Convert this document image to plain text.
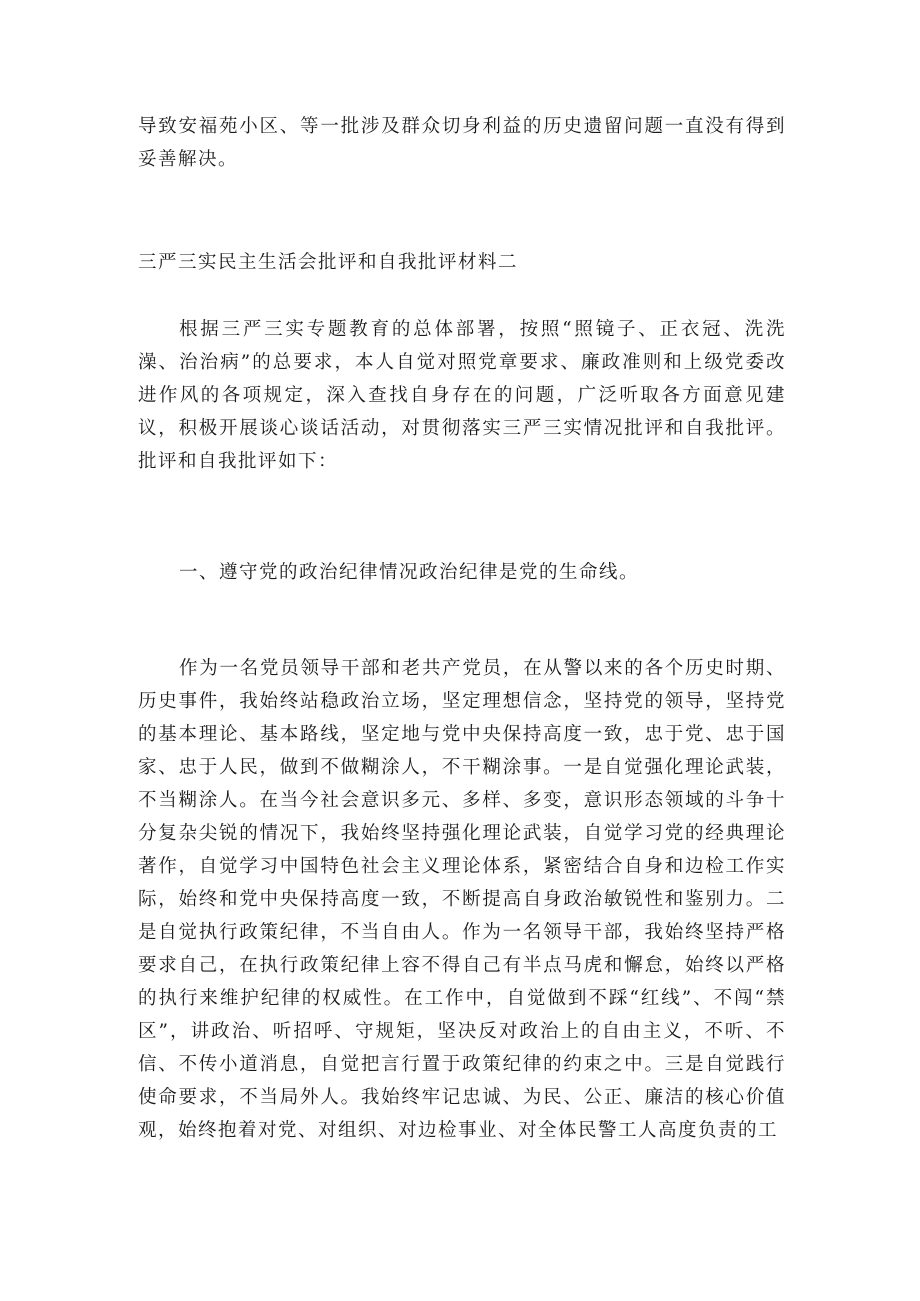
导致安福苑小区、等一批涉及群众切身利益的历史遗留问题一直没有得到妥善解决。

三严三实民主生活会批评和自我批评材料二

根据三严三实专题教育的总体部署，按照“照镜子、正衣冠、洗洗澡、治治病”的总要求，本人自觉对照党章要求、廉政准则和上级党委改进作风的各项规定，深入查找自身存在的问题，广泛听取各方面意见建议，积极开展谈心谈话活动，对贯彻落实三严三实情况批评和自我批评。批评和自我批评如下：

一、遵守党的政治纪律情况政治纪律是党的生命线。

作为一名党员领导干部和老共产党员，在从警以来的各个历史时期、历史事件，我始终站稳政治立场，坚定理想信念，坚持党的领导，坚持党的基本理论、基本路线，坚定地与党中央保持高度一致，忠于党、忠于国家、忠于人民，做到不做糊涂人，不干糊涂事。一是自觉强化理论武装，不当糊涂人。在当今社会意识多元、多样、多变，意识形态领域的斗争十分复杂尖锐的情况下，我始终坚持强化理论武装，自觉学习党的经典理论著作，自觉学习中国特色社会主义理论体系，紧密结合自身和边检工作实际，始终和党中央保持高度一致，不断提高自身政治敏锐性和鉴别力。二是自觉执行政策纪律，不当自由人。作为一名领导干部，我始终坚持严格要求自己，在执行政策纪律上容不得自己有半点马虎和懈怠，始终以严格的执行来维护纪律的权威性。在工作中，自觉做到不踩“红线”、不闯“禁区”，讲政治、听招呼、守规矩，坚决反对政治上的自由主义，不听、不信、不传小道消息，自觉把言行置于政策纪律的约束之中。三是自觉践行使命要求，不当局外人。我始终牢记忠诚、为民、公正、廉洁的核心价值观，始终抱着对党、对组织、对边检事业、对全体民警工人高度负责的工
